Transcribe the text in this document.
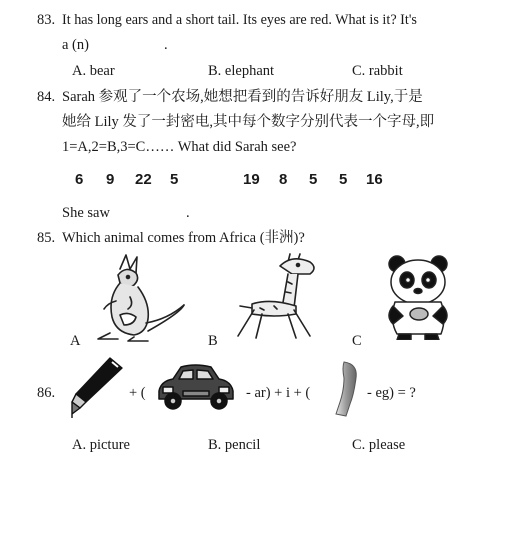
83. It has long ears and a short tail. Its eyes are red. What is it? It's
a (n)	.
A. bear	B. elephant	C. rabbit
84. Sarah 参观了一个农场,她想把看到的告诉好朋友 Lily,于是
她给 Lily 发了一封密电,其中每个数字分别代表一个字母,即
1=A,2=B,3=C…… What did Sarah see?
6 9 22 5	19 8 5 5 16
She saw	.
85. Which animal comes from Africa (非洲)?
A	B	C
86.	+ (	- ar) + i + (	- eg) = ?
A. picture	B. pencil	C. please
